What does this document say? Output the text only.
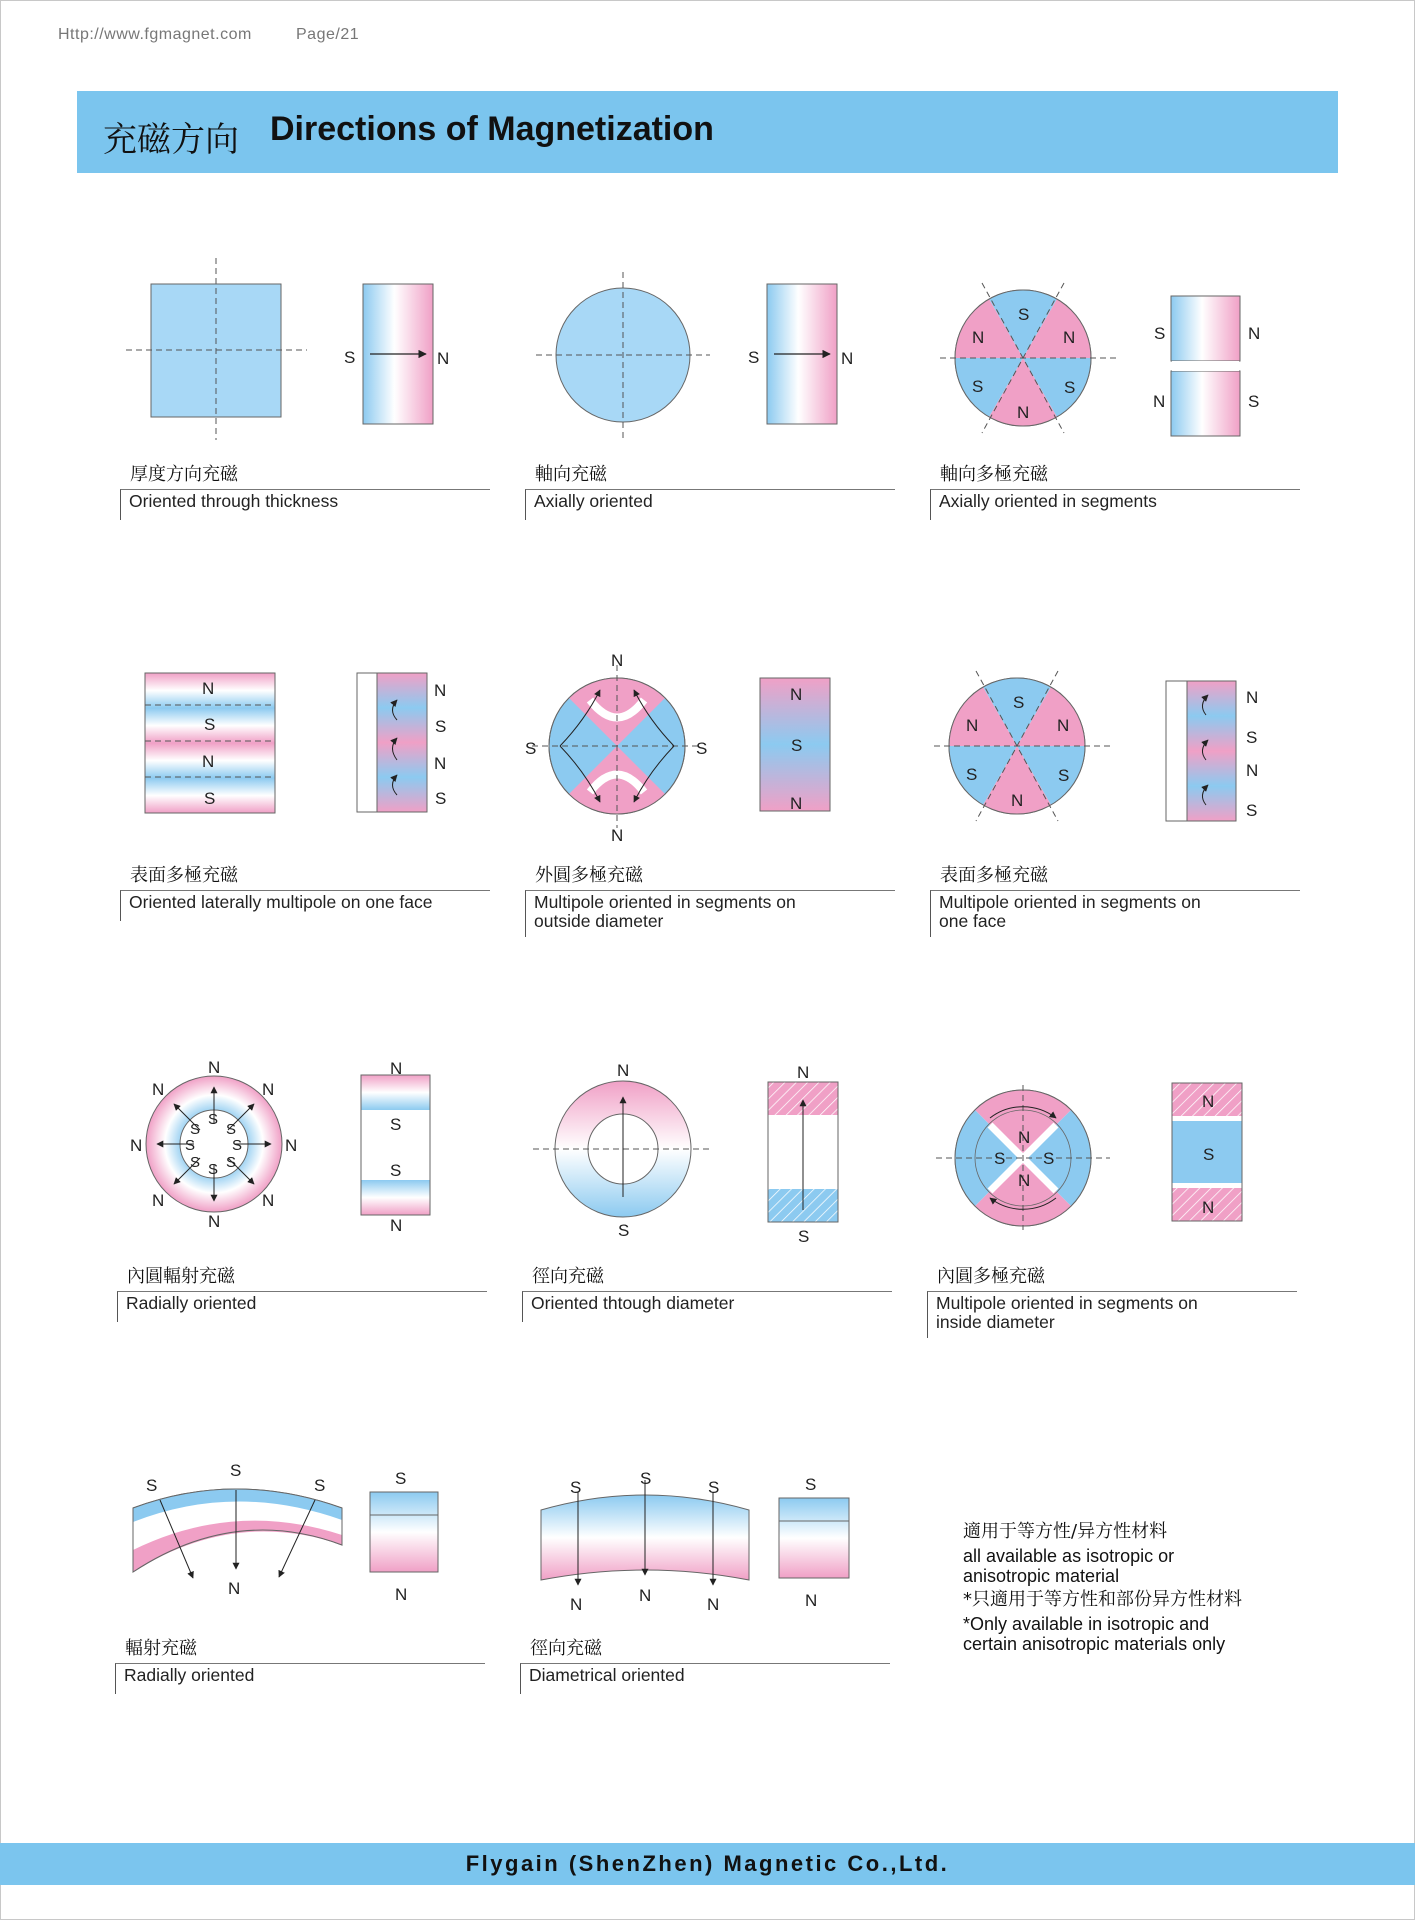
Http://www.fgmagnet.com	Page/21
充磁方向 Directions of Magnetization
S	N	S	N
S
N
S
N
S
N	S	N
N	S
N
S
N
S
N
S
N
S
N
N
S	S
N
S
N
S
N
S
N
S
N
N
S
N
S
N
N
N	N
N	N
N	N
S
S
S S
S S
S S
N
S
S
N
N
S
N
S
N
N
S S
N
S
N
S
S
S
N
S
N
S	S	S
N	N	N
S
N
厚度方向充磁
Oriented through thickness
軸向充磁
Axially oriented
軸向多極充磁
Axially oriented in segments
表面多極充磁
Oriented laterally multipole on one face
外圓多極充磁
Multipole oriented in segments on outside diameter
表面多極充磁
Multipole oriented in segments on one face
內圓輻射充磁
Radially oriented
徑向充磁
Oriented thtough diameter
內圓多極充磁
Multipole oriented in segments on inside diameter
輻射充磁
Radially oriented
徑向充磁
Diametrical oriented

適用于等方性/异方性材料

all available as isotropic or anisotropic material

*只適用于等方性和部份异方性材料

*Only available in isotropic and certain anisotropic materials only

Flygain (ShenZhen) Magnetic Co.,Ltd.
